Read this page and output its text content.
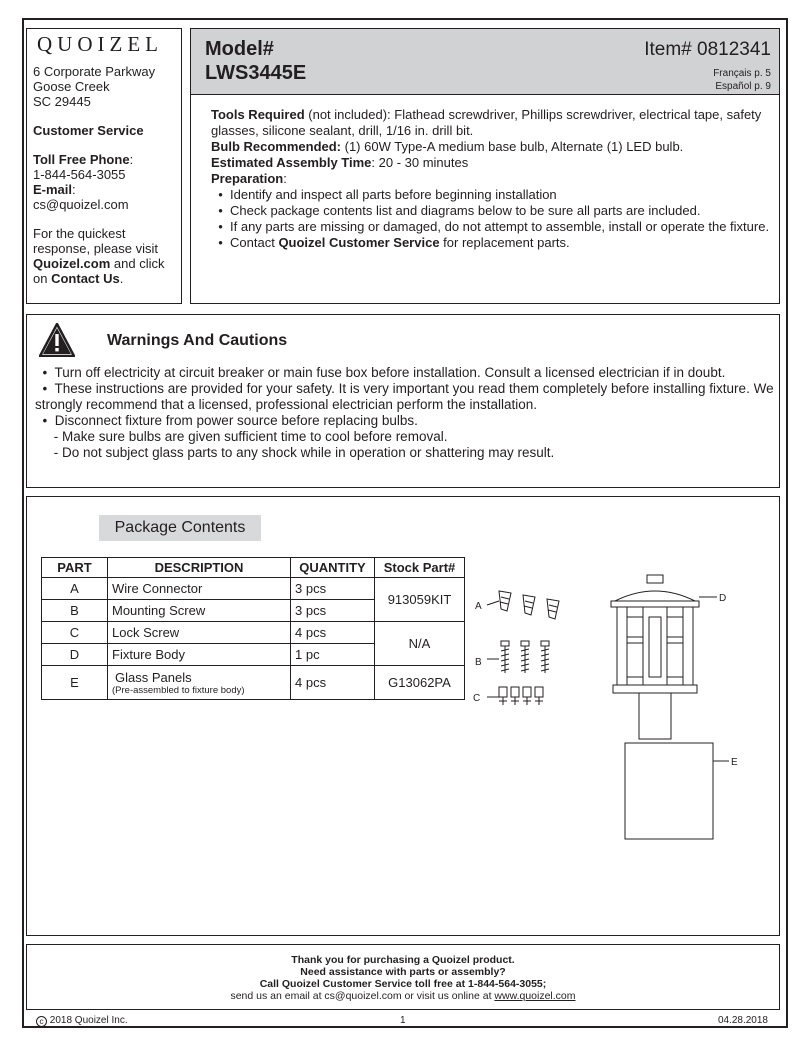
QUOIZEL
6 Corporate Parkway
Goose Creek
SC 29445
Customer Service
Toll Free Phone:
1-844-564-3055
E-mail:
cs@quoizel.com
For the quickest response, please visit Quoizel.com and click on Contact Us.
Model#
LWS3445E
Item# 0812341
Français p. 5
Español p. 9
Tools Required (not included): Flathead screwdriver, Phillips screwdriver, electrical tape, safety glasses, silicone sealant, drill, 1/16 in. drill bit.
Bulb Recommended: (1) 60W Type-A medium base bulb, Alternate (1) LED bulb.
Estimated Assembly Time: 20 - 30 minutes
Preparation:
•  Identify and inspect all parts before beginning installation
•  Check package contents list and diagrams below to be sure all parts are included.
•  If any parts are missing or damaged, do not attempt to assemble, install or operate the fixture.
•  Contact Quoizel Customer Service for replacement parts.
Warnings And Cautions
•  Turn off electricity at circuit breaker or main fuse box before installation. Consult a licensed electrician if in doubt.
•  These instructions are provided for your safety. It is very important you read them completely before installing fixture. We strongly recommend that a licensed, professional electrician perform the installation.
•  Disconnect fixture from power source before replacing bulbs.
- Make sure bulbs are given sufficient time to cool before removal.
- Do not subject glass parts to any shock while in operation or shattering may result.
Package Contents
PART	DESCRIPTION	QUANTITY	Stock Part#
A	Wire Connector	3 pcs	913059KIT
B	Mounting Screw	3 pcs	
C	Lock Screw	4 pcs	N/A
D	Fixture Body	1 pc	
E	Glass Panels
(Pre-assembled to fixture body)	4 pcs	G13062PA
A
B
C
D
E
Thank you for purchasing a Quoizel product.
Need assistance with parts or assembly?
Call Quoizel Customer Service toll free at 1-844-564-3055;
send us an email at cs@quoizel.com or visit us online at www.quoizel.com
c 2018 Quoizel Inc.	1	04.28.2018
